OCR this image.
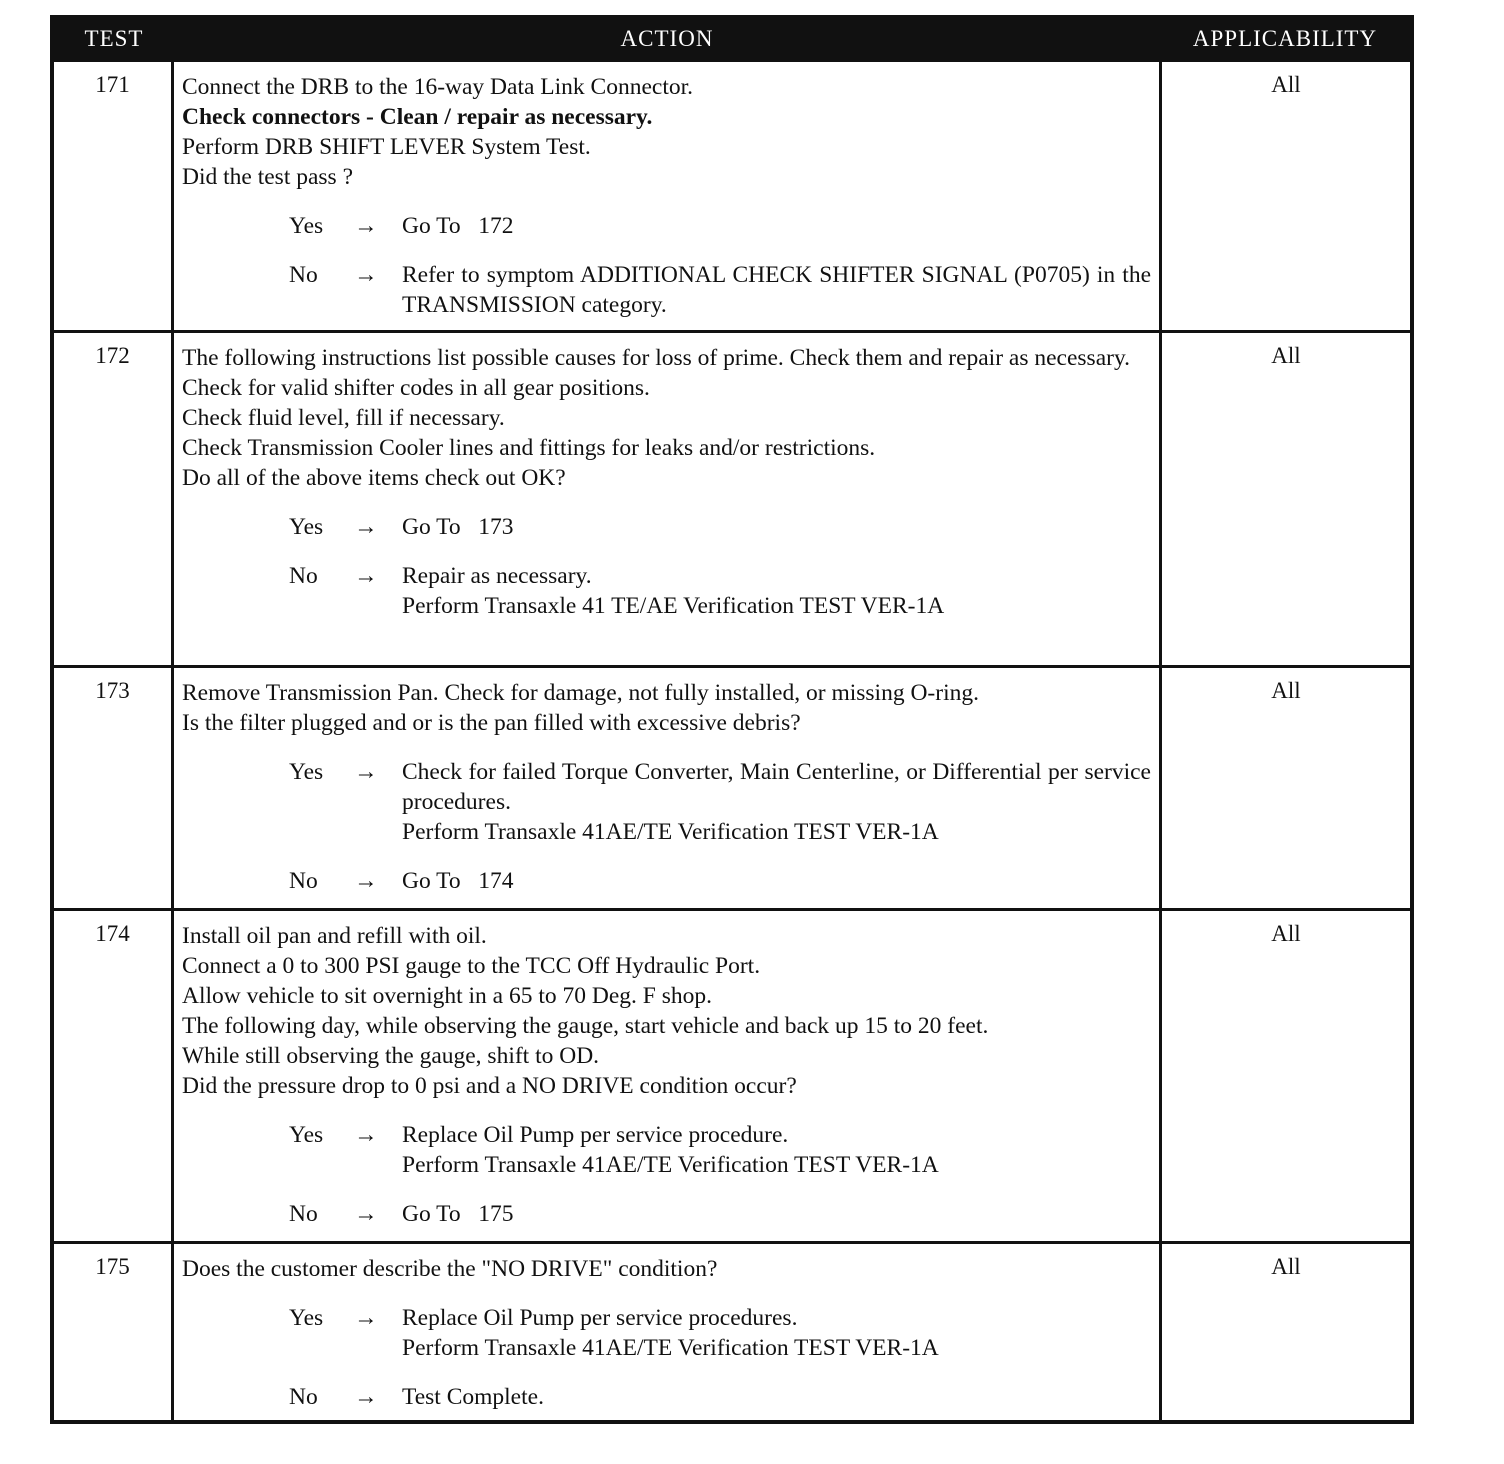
TEST	ACTION	APPLICABILITY
171	Connect the DRB to the 16-way Data Link Connector.
Check connectors - Clean / repair as necessary.
Perform DRB SHIFT LEVER System Test.
Did the test pass ?
Yes	→	Go To   172
No	→	Refer to symptom ADDITIONAL CHECK SHIFTER SIGNAL (P0705) in the TRANSMISSION category.
All
172	The following instructions list possible causes for loss of prime. Check them and repair as necessary.
Check for valid shifter codes in all gear positions.
Check fluid level, fill if necessary.
Check Transmission Cooler lines and fittings for leaks and/or restrictions.
Do all of the above items check out OK?
Yes	→	Go To   173
No	→	Repair as necessary.
Perform Transaxle 41 TE/AE Verification TEST VER-1A
All
173	Remove Transmission Pan. Check for damage, not fully installed, or missing O-ring.
Is the filter plugged and or is the pan filled with excessive debris?
Yes	→	Check for failed Torque Converter, Main Centerline, or Differential per service procedures.
Perform Transaxle 41AE/TE Verification TEST VER-1A
No	→	Go To   174
All
174	Install oil pan and refill with oil.
Connect a 0 to 300 PSI gauge to the TCC Off Hydraulic Port.
Allow vehicle to sit overnight in a 65 to 70 Deg. F shop.
The following day, while observing the gauge, start vehicle and back up 15 to 20 feet.
While still observing the gauge, shift to OD.
Did the pressure drop to 0 psi and a NO DRIVE condition occur?
Yes	→	Replace Oil Pump per service procedure.
Perform Transaxle 41AE/TE Verification TEST VER-1A
No	→	Go To   175
All
175	Does the customer describe the "NO DRIVE" condition?
Yes	→	Replace Oil Pump per service procedures.
Perform Transaxle 41AE/TE Verification TEST VER-1A
No	→	Test Complete.
All
